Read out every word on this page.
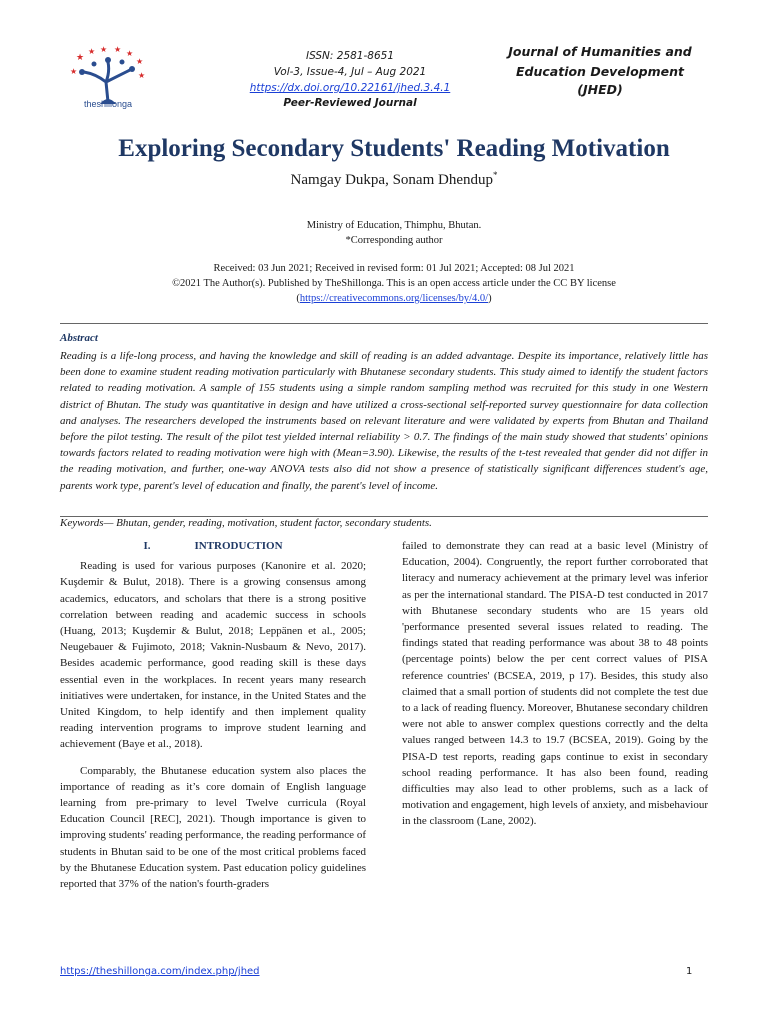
★
★ ★ ★ ★
★
★	★
theshillonga
ISSN: 2581-8651
Vol-3, Issue-4, Jul – Aug 2021
https://dx.doi.org/10.22161/jhed.3.4.1
Peer-Reviewed Journal
Journal of Humanities and
Education Development
(JHED)
Exploring Secondary Students' Reading Motivation
Namgay Dukpa, Sonam Dhendup*
Ministry of Education, Thimphu, Bhutan.
*Corresponding author
Received: 03 Jun 2021; Received in revised form: 01 Jul 2021; Accepted: 08 Jul 2021
©2021 The Author(s). Published by TheShillonga. This is an open access article under the CC BY license
(https://creativecommons.org/licenses/by/4.0/)
Abstract
Reading is a life-long process, and having the knowledge and skill of reading is an added advantage. Despite its importance, relatively little has been done to examine student reading motivation particularly with Bhutanese secondary students. This study aimed to identify the student factors related to reading motivation. A sample of 155 students using a simple random sampling method was recruited for this study in one Western district of Bhutan. The study was quantitative in design and have utilized a cross-sectional self-reported survey questionnaire for data collection and analyses. The researchers developed the instruments based on relevant literature and were validated by experts from Bhutan and Thailand before the pilot testing. The result of the pilot test yielded internal reliability > 0.7. The findings of the main study showed that students' opinions towards factors related to reading motivation were high with (Mean=3.90). Likewise, the results of the t-test revealed that gender did not differ in the reading motivation, and further, one-way ANOVA tests also did not show a presence of statistically significant differences student's age, parents work type, parent's level of education and finally, the parent's level of income.
Keywords— Bhutan, gender, reading, motivation, student factor, secondary students.
I.	INTRODUCTION

Reading is used for various purposes (Kanonire et al. 2020; Kuşdemir & Bulut, 2018). There is a growing consensus among academics, educators, and scholars that there is a strong positive correlation between reading and academic success in schools (Huang, 2013; Kuşdemir & Bulut, 2018; Leppänen et al., 2005; Neugebauer & Fujimoto, 2018; Vaknin-Nusbaum & Nevo, 2017). Besides academic performance, good reading skill is these days essential even in the workplaces. In recent years many research initiatives were undertaken, for instance, in the United States and the United Kingdom, to help identify and then implement quality reading intervention programs to improve student learning and achievement (Baye et al., 2018).

Comparably, the Bhutanese education system also places the importance of reading as it’s core domain of English language learning from pre-primary to level Twelve curricula (Royal Education Council [REC], 2021). Though importance is given to improving students' reading performance, the reading performance of students in Bhutan said to be one of the most critical problems faced by the Bhutanese Education system. Past education policy guidelines reported that 37% of the nation's fourth-graders

failed to demonstrate they can read at a basic level (Ministry of Education, 2004). Congruently, the report further corroborated that literacy and numeracy achievement at the primary level was inferior as per the international standard. The PISA-D test conducted in 2017 with Bhutanese secondary students who are 15 years old 'performance presented several issues related to reading. The findings stated that reading performance was about 38 to 48 points (percentage points) below the per cent correct values of PISA reference countries' (BCSEA, 2019, p 17). Besides, this study also claimed that a small portion of students did not complete the test due to a lack of reading fluency. Moreover, Bhutanese secondary children were not able to answer complex questions correctly and the delta values ranged between 14.3 to 19.7 (BCSEA, 2019). Going by the PISA-D test reports, reading gaps continue to exist in secondary school reading performance. It has also been found, reading difficulties may also lead to other problems, such as a lack of motivation and engagement, high levels of anxiety, and misbehaviour in the classroom (Lane, 2002).

https://theshillonga.com/index.php/jhed	1
